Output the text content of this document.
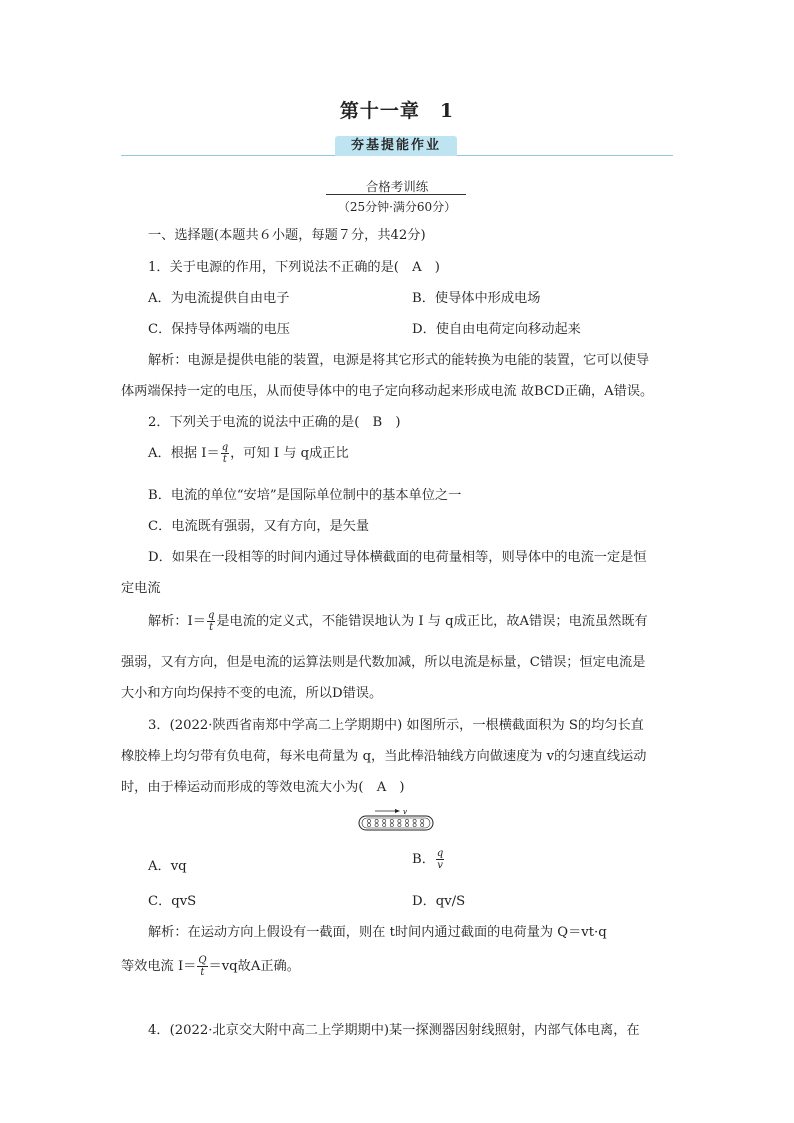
第十一章　1
夯基提能作业
合格考训练
（25分钟·满分60分）
一、选择题(本题共６小题，每题７分，共42分)
1．关于电源的作用，下列说法不正确的是(　A　)
A．为电流提供自由电子	B．使导体中形成电场
C．保持导体两端的电压	D．使自由电荷定向移动起来
解析：电源是提供电能的装置，电源是将其它形式的能转换为电能的装置，它可以使导
体两端保持一定的电压，从而使导体中的电子定向移动起来形成电流 故BCD正确，A错误。
2．下列关于电流的说法中正确的是(　B　)
A．根据 $I= \frac{q}{t}$ ，可知 I 与 q成正比
B．电流的单位“安培”是国际单位制中的基本单位之一
C．电流既有强弱，又有方向，是矢量
D．如果在一段相等的时间内通过导体横截面的电荷量相等，则导体中的电流一定是恒
定电流
解析：$I= \frac{q}{t}$ 是电流的定义式，不能错误地认为 I 与 q成正比，故A错误；电流虽然既有
强弱，又有方向，但是电流的运算法则是代数加减，所以电流是标量，C错误；恒定电流是
大小和方向均保持不变的电流，所以D错误。
3．(2022·陕西省南郑中学高二上学期期中) 如图所示，一根横截面积为 S的均匀长直
橡胶棒上均匀带有负电荷，每米电荷量为 q，当此棒沿轴线方向做速度为 v的匀速直线运动
时，由于棒运动而形成的等效电流大小为(　A　)
v
A．vq	B． $\frac{q}{v}$
C．qvS	D．qv/S
解析：在运动方向上假设有一截面，则在 t时间内通过截面的电荷量为 Q＝vt·q
等效电流 $I= \frac{Q}{t} =vq$故A正确。
4．(2022·北京交大附中高二上学期期中)某一探测器因射线照射，内部气体电离，在
